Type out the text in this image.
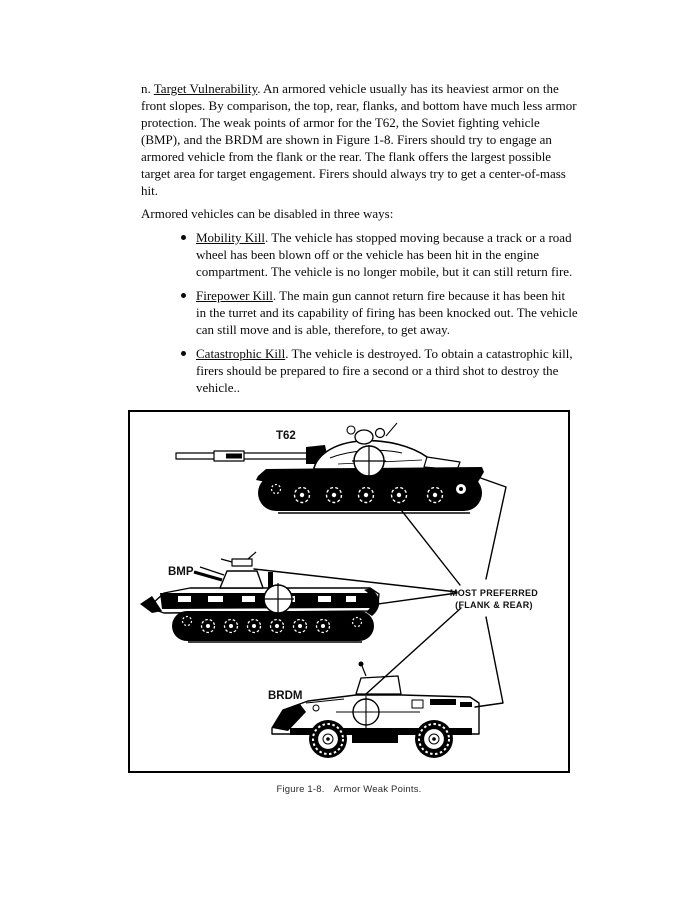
n. Target Vulnerability. An armored vehicle usually has its heaviest armor on the front slopes. By comparison, the top, rear, flanks, and bottom have much less armor protection. The weak points of armor for the T62, the Soviet fighting vehicle (BMP), and the BRDM are shown in Figure 1-8. Firers should try to engage an armored vehicle from the flank or the rear. The flank offers the largest possible target area for target engagement. Firers should always try to get a center-of-mass hit.

Armored vehicles can be disabled in three ways:

Mobility Kill. The vehicle has stopped moving because a track or a road wheel has been blown off or the vehicle has been hit in the engine compartment. The vehicle is no longer mobile, but it can still return fire.
Firepower Kill. The main gun cannot return fire because it has been hit in the turret and its capability of firing has been knocked out. The vehicle can still move and is able, therefore, to get away.
Catastrophic Kill. The vehicle is destroyed. To obtain a catastrophic kill, firers should be prepared to fire a second or a third shot to destroy the vehicle..
T62
BMP
BRDM
MOST PREFERRED
(FLANK & REAR)
Figure 1-8. Armor Weak Points.
